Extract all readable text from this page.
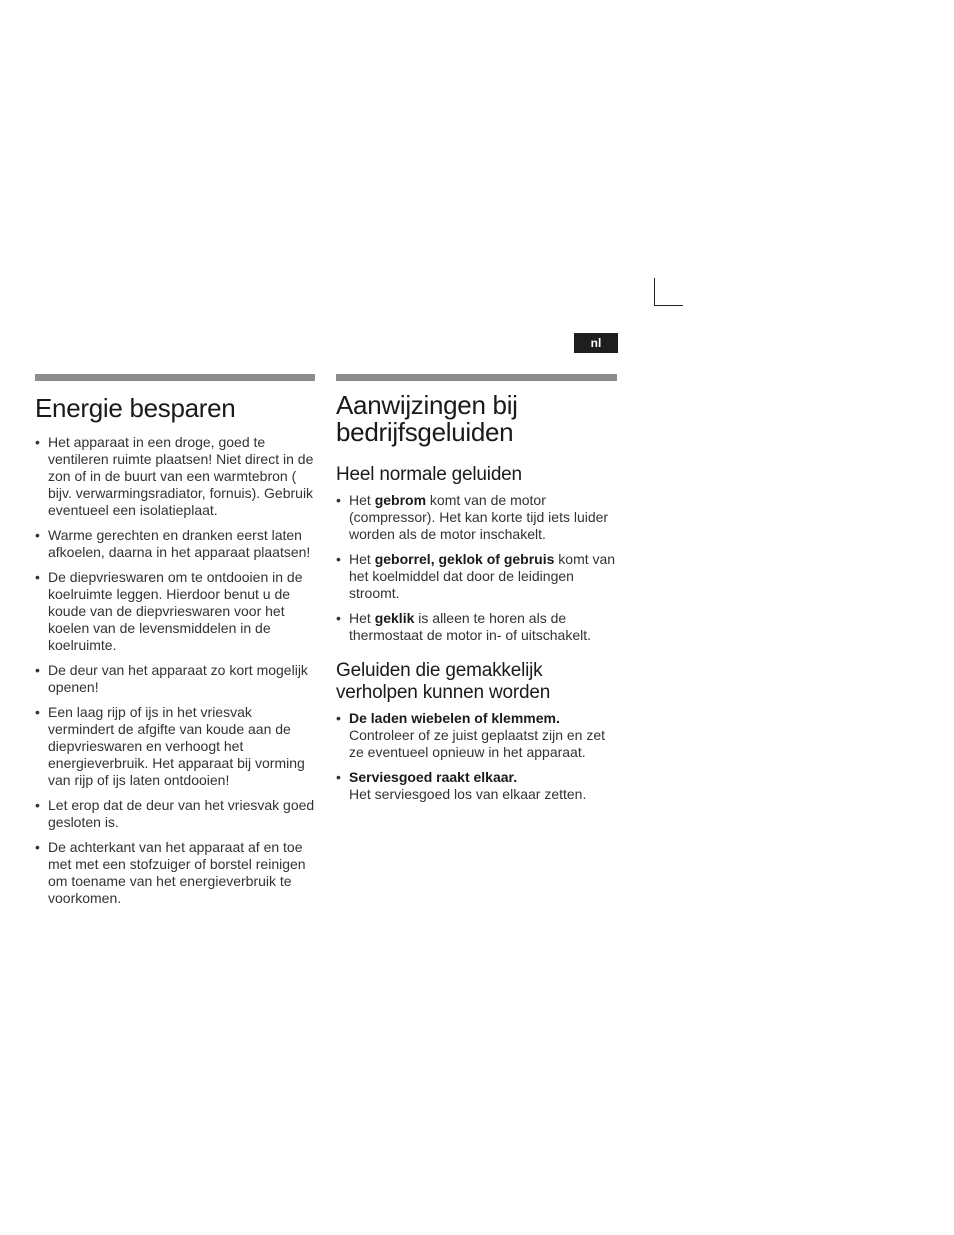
nl
Energie besparen
• Het apparaat in een droge, goed te ventileren ruimte plaatsen! Niet direct in de zon of in de buurt van een warmtebron ( bijv. verwarmingsradiator, fornuis). Gebruik eventueel een isolatieplaat.
• Warme gerechten en dranken eerst laten afkoelen, daarna in het apparaat plaatsen!
• De diepvrieswaren om te ontdooien in de koelruimte leggen. Hierdoor benut u de koude van de diepvrieswaren voor het koelen van de levensmiddelen in de koelruimte.
• De deur van het apparaat zo kort mogelijk openen!
• Een laag rijp of ijs in het vriesvak vermindert de afgifte van koude aan de diepvrieswaren en verhoogt het energieverbruik. Het apparaat bij vorming van rijp of ijs laten ontdooien!
• Let erop dat de deur van het vriesvak goed gesloten is.
• De achterkant van het apparaat af en toe met met een stofzuiger of borstel reinigen om toename van het energieverbruik te voorkomen.
Aanwijzingen bij bedrijfsgeluiden
Heel normale geluiden
• Het gebrom komt van de motor (compressor). Het kan korte tijd iets luider worden als de motor inschakelt.
• Het geborrel, geklok of gebruis komt van het koelmiddel dat door de leidingen stroomt.
• Het geklik is alleen te horen als de thermostaat de motor in- of uitschakelt.
Geluiden die gemakkelijk verholpen kunnen worden
• De laden wiebelen of klemmem.
Controleer of ze juist geplaatst zijn en zet ze eventueel opnieuw in het apparaat.
• Serviesgoed raakt elkaar.
Het serviesgoed los van elkaar zetten.
